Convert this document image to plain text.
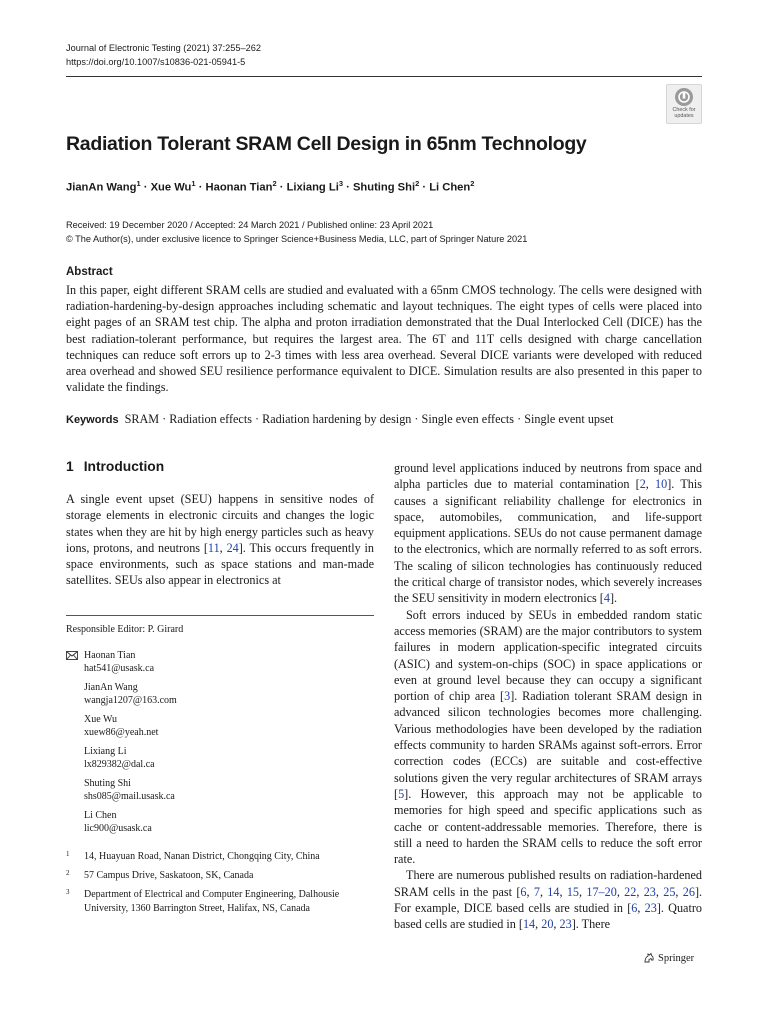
Journal of Electronic Testing (2021) 37:255–262
https://doi.org/10.1007/s10836-021-05941-5
Check for
updates
Radiation Tolerant SRAM Cell Design in 65nm Technology
JianAn Wang$^1$ · Xue $Wu^1$ · Haonan Tian$^2$ · Lixiang $Li^3$ · Shuting Shi$^2$ · Li Chen$^2$
Received: 19 December 2020 / Accepted: 24 March 2021 / Published online: 23 April 2021
© The Author(s), under exclusive licence to Springer Science+Business Media, LLC, part of Springer Nature 2021
Abstract
In this paper, eight different SRAM cells are studied and evaluated with a 65nm CMOS technology. The cells were designed with radiation-hardening-by-design approaches including schematic and layout techniques. The eight types of cells were placed into eight pages of an SRAM test chip. The alpha and proton irradiation demonstrated that the Dual Interlocked Cell (DICE) has the best radiation-tolerant performance, but requires the largest area. The 6T and 11T cells designed with charge cancellation techniques can reduce soft errors up to 2-3 times with less area overhead. Several DICE variants were developed with reduced area overhead and showed SEU resilience performance equivalent to DICE. Simulation results are also presented in this paper to validate the findings.
Keywords SRAM · Radiation effects · Radiation hardening by design · Single even effects · Single event upset
1 Introduction
A single event upset (SEU) happens in sensitive nodes of storage elements in electronic circuits and changes the logic states when they are hit by high energy particles such as heavy ions, protons, and neutrons [11, 24]. This occurs frequently in space environments, such as space stations and man-made satellites. SEUs also appear in electronics at
Responsible Editor: P. Girard
Haonan Tian
hat541@usask.ca
JianAn Wang
wangja1207@163.com
Xue Wu
xuew86@yeah.net
Lixiang Li
lx829382@dal.ca
Shuting Shi
shs085@mail.usask.ca
Li Chen
lic900@usask.ca
1 14, Huayuan Road, Nanan District, Chongqing City, China
2 57 Campus Drive, Saskatoon, SK, Canada
3 Department of Electrical and Computer Engineering, Dalhousie University, 1360 Barrington Street, Halifax, NS, Canada

ground level applications induced by neutrons from space and alpha particles due to material contamination [2, 10]. This causes a significant reliability challenge for electronics in space, automobiles, communication, and life-support equipment applications. SEUs do not cause permanent damage to the electronics, which are normally referred to as soft errors. The scaling of silicon technologies has continuously reduced the critical charge of transistor nodes, which severely increases the SEU sensitivity in modern electronics [4].

Soft errors induced by SEUs in embedded random static access memories (SRAM) are the major contributors to system failures in modern application-specific integrated circuits (ASIC) and system-on-chips (SOC) in space applications or even at ground level because they can occupy a significant portion of chip area [3]. Radiation tolerant SRAM design in advanced silicon technologies becomes more challenging. Various methodologies have been developed by the radiation effects community to harden SRAMs against soft-errors. Error correction codes (ECCs) are suitable and cost-effective solutions given the very regular architectures of SRAM arrays [5]. However, this approach may not be applicable to memories for high speed and specific applications such as cache or content-addressable memories. Therefore, there is still a need to harden the SRAM cells to reduce the soft error rate.

There are numerous published results on radiation-hardened SRAM cells in the past [6, 7, 14, 15, 17–20, 22, 23, 25, 26]. For example, DICE based cells are studied in [6, 23]. Quatro based cells are studied in [14, 20, 23]. There

Springer
